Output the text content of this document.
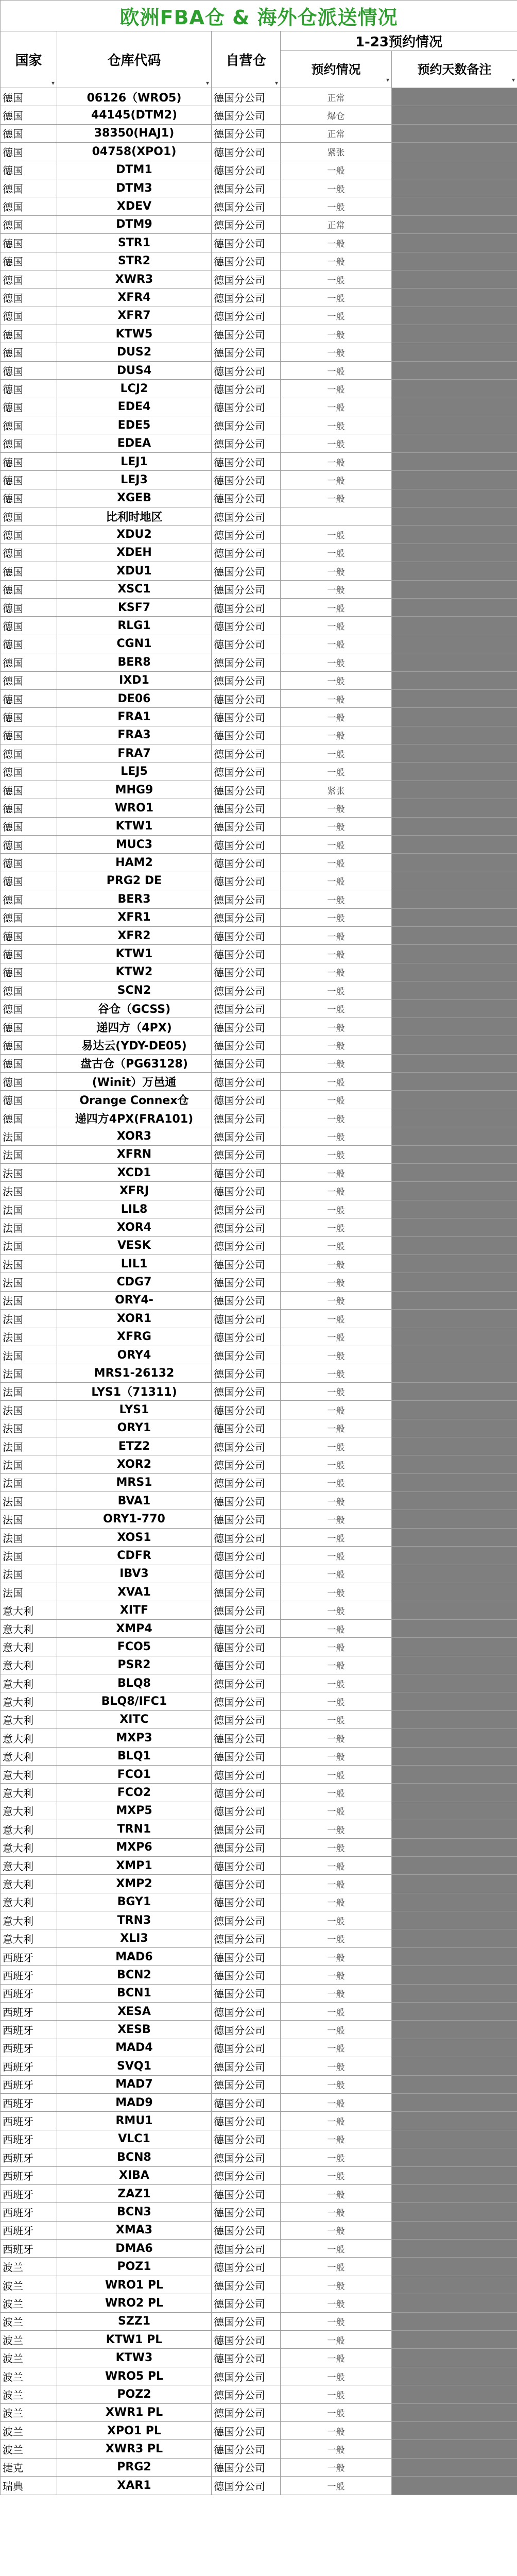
欧洲FBA仓 & 海外仓派送情况				
国家
▾	仓库代码
▾	自营仓
▾	1-23预约情况	
			预约情况
▾	预约天数备注
▾

德国	06126（WRO5)	德国分公司	正常	
德国	44145(DTM2)	德国分公司	爆仓	
德国	38350(HAJ1)	德国分公司	正常	
德国	04758(XPO1)	德国分公司	紧张	
德国	DTM1	德国分公司	一般	
德国	DTM3	德国分公司	一般	
德国	XDEV	德国分公司	一般	
德国	DTM9	德国分公司	正常	
德国	STR1	德国分公司	一般	
德国	STR2	德国分公司	一般	
德国	XWR3	德国分公司	一般	
德国	XFR4	德国分公司	一般	
德国	XFR7	德国分公司	一般	
德国	KTW5	德国分公司	一般	
德国	DUS2	德国分公司	一般	
德国	DUS4	德国分公司	一般	
德国	LCJ2	德国分公司	一般	
德国	EDE4	德国分公司	一般	
德国	EDE5	德国分公司	一般	
德国	EDEA	德国分公司	一般	
德国	LEJ1	德国分公司	一般	
德国	LEJ3	德国分公司	一般	
德国	XGEB	德国分公司	一般	
德国	比利时地区	德国分公司		
德国	XDU2	德国分公司	一般	
德国	XDEH	德国分公司	一般	
德国	XDU1	德国分公司	一般	
德国	XSC1	德国分公司	一般	
德国	KSF7	德国分公司	一般	
德国	RLG1	德国分公司	一般	
德国	CGN1	德国分公司	一般	
德国	BER8	德国分公司	一般	
德国	IXD1	德国分公司	一般	
德国	DE06	德国分公司	一般	
德国	FRA1	德国分公司	一般	
德国	FRA3	德国分公司	一般	
德国	FRA7	德国分公司	一般	
德国	LEJ5	德国分公司	一般	
德国	MHG9	德国分公司	紧张	
德国	WRO1	德国分公司	一般	
德国	KTW1	德国分公司	一般	
德国	MUC3	德国分公司	一般	
德国	HAM2	德国分公司	一般	
德国	PRG2 DE	德国分公司	一般	
德国	BER3	德国分公司	一般	
德国	XFR1	德国分公司	一般	
德国	XFR2	德国分公司	一般	
德国	KTW1	德国分公司	一般	
德国	KTW2	德国分公司	一般	
德国	SCN2	德国分公司	一般	
德国	谷仓（GCSS)	德国分公司	一般	
德国	递四方（4PX)	德国分公司	一般	
德国	易达云(YDY-DE05)	德国分公司	一般	
德国	盘古仓（PG63128)	德国分公司	一般	
德国	(Winit）万邑通	德国分公司	一般	
德国	Orange Connex仓	德国分公司	一般	
德国	递四方4PX(FRA101)	德国分公司	一般	
法国	XOR3	德国分公司	一般	
法国	XFRN	德国分公司	一般	
法国	XCD1	德国分公司	一般	
法国	XFRJ	德国分公司	一般	
法国	LIL8	德国分公司	一般	
法国	XOR4	德国分公司	一般	
法国	VESK	德国分公司	一般	
法国	LIL1	德国分公司	一般	
法国	CDG7	德国分公司	一般	
法国	ORY4-	德国分公司	一般	
法国	XOR1	德国分公司	一般	
法国	XFRG	德国分公司	一般	
法国	ORY4	德国分公司	一般	
法国	MRS1-26132	德国分公司	一般	
法国	LYS1（71311)	德国分公司	一般	
法国	LYS1	德国分公司	一般	
法国	ORY1	德国分公司	一般	
法国	ETZ2	德国分公司	一般	
法国	XOR2	德国分公司	一般	
法国	MRS1	德国分公司	一般	
法国	BVA1	德国分公司	一般	
法国	ORY1-770	德国分公司	一般	
法国	XOS1	德国分公司	一般	
法国	CDFR	德国分公司	一般	
法国	IBV3	德国分公司	一般	
法国	XVA1	德国分公司	一般	
意大利	XITF	德国分公司	一般	
意大利	XMP4	德国分公司	一般	
意大利	FCO5	德国分公司	一般	
意大利	PSR2	德国分公司	一般	
意大利	BLQ8	德国分公司	一般	
意大利	BLQ8/IFC1	德国分公司	一般	
意大利	XITC	德国分公司	一般	
意大利	MXP3	德国分公司	一般	
意大利	BLQ1	德国分公司	一般	
意大利	FCO1	德国分公司	一般	
意大利	FCO2	德国分公司	一般	
意大利	MXP5	德国分公司	一般	
意大利	TRN1	德国分公司	一般	
意大利	MXP6	德国分公司	一般	
意大利	XMP1	德国分公司	一般	
意大利	XMP2	德国分公司	一般	
意大利	BGY1	德国分公司	一般	
意大利	TRN3	德国分公司	一般	
意大利	XLI3	德国分公司	一般	
西班牙	MAD6	德国分公司	一般	
西班牙	BCN2	德国分公司	一般	
西班牙	BCN1	德国分公司	一般	
西班牙	XESA	德国分公司	一般	
西班牙	XESB	德国分公司	一般	
西班牙	MAD4	德国分公司	一般	
西班牙	SVQ1	德国分公司	一般	
西班牙	MAD7	德国分公司	一般	
西班牙	MAD9	德国分公司	一般	
西班牙	RMU1	德国分公司	一般	
西班牙	VLC1	德国分公司	一般	
西班牙	BCN8	德国分公司	一般	
西班牙	XIBA	德国分公司	一般	
西班牙	ZAZ1	德国分公司	一般	
西班牙	BCN3	德国分公司	一般	
西班牙	XMA3	德国分公司	一般	
西班牙	DMA6	德国分公司	一般	
波兰	POZ1	德国分公司	一般	
波兰	WRO1 PL	德国分公司	一般	
波兰	WRO2 PL	德国分公司	一般	
波兰	SZZ1	德国分公司	一般	
波兰	KTW1 PL	德国分公司	一般	
波兰	KTW3	德国分公司	一般	
波兰	WRO5 PL	德国分公司	一般	
波兰	POZ2	德国分公司	一般	
波兰	XWR1 PL	德国分公司	一般	
波兰	XPO1 PL	德国分公司	一般	
波兰	XWR3 PL	德国分公司	一般	
捷克	PRG2	德国分公司	一般	
瑞典	XAR1	德国分公司	一般	
